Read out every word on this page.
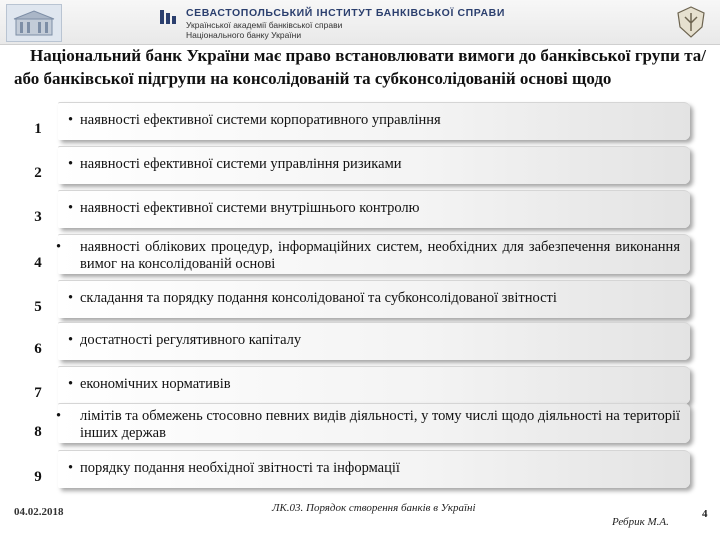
СЕВАСТОПОЛЬСЬКИЙ ІНСТИТУТ БАНКІВСЬКОЇ СПРАВИ
Української академії банківської справи
Національного банку України
Національний банк України має право встановлювати вимоги до банківської групи та/або банківської підгрупи на консолідованій та субконсолідованій основі щодо
• наявності ефективної системи корпоративного управління
1
• наявності ефективної системи управління ризиками
2
• наявності ефективної системи внутрішнього контролю
3
• наявності облікових процедур, інформаційних систем, необхідних для забезпечення виконання вимог на консолідованій основі
4
• складання та порядку подання консолідованої та субконсолідованої звітності
5
• достатності регулятивного капіталу
6
• економічних нормативів
7
• лімітів та обмежень стосовно певних видів діяльності, у тому числі щодо діяльності на території інших держав
8
• порядку подання необхідної звітності та інформації
9
04.02.2018	ЛК.03. Порядок створення банків в Україні
Ребрик М.А.
4
